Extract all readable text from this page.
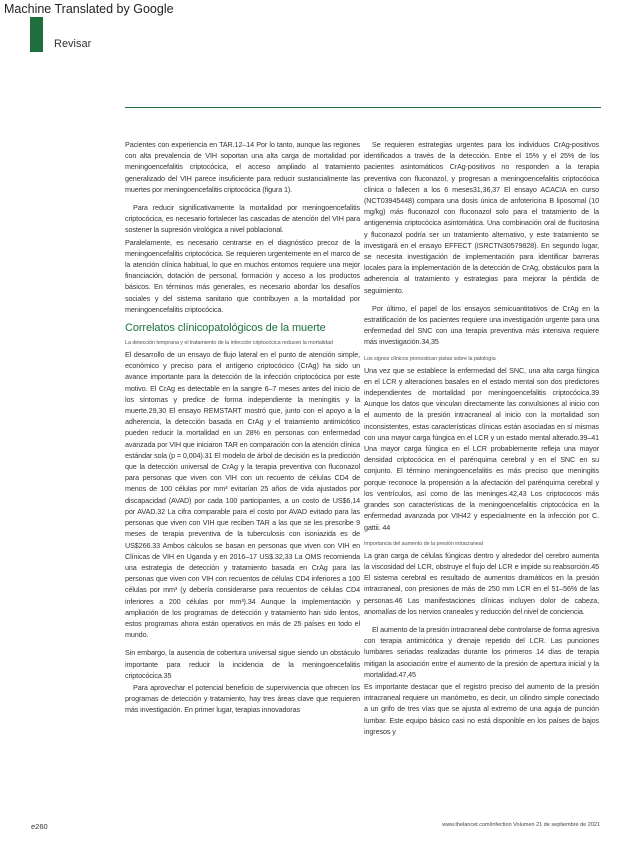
Machine Translated by Google
Revisar

Pacientes con experiencia en TAR.12–14 Por lo tanto, aunque las regiones con alta prevalencia de VIH soportan una alta carga de mortalidad por meningoencefalitis criptocócica, el acceso ampliado al tratamiento generalizado del VIH parece insuficiente para reducir sustancialmente las muertes por meningoencefalitis criptocócica (figura 1).

Para reducir significativamente la mortalidad por meningoencefalitis criptocócica, es necesario fortalecer las cascadas de atención del VIH para sostener la supresión virológica a nivel poblacional.

Paralelamente, es necesario centrarse en el diagnóstico precoz de la meningoencefalitis criptocócica. Se requieren urgentemente en el marco de la atención clínica habitual, lo que en muchos entornos requiere una mejor financiación, dotación de personal, formación y acceso a los productos básicos. En términos más generales, es necesario abordar los desafíos sociales y del sistema sanitario que contribuyen a la mortalidad por meningoencefalitis criptocócica.

Correlatos clínicopatológicos de la muerte
La detección temprana y el tratamiento de la infección criptocócica reducen la mortalidad

El desarrollo de un ensayo de flujo lateral en el punto de atención simple, económico y preciso para el antígeno criptocócico (CrAg) ha sido un avance importante para la detección de la infección criptocócica por este motivo. El CrAg es detectable en la sangre 6–7 meses antes del inicio de los síntomas y predice de forma independiente la meningitis y la muerte.29,30 El ensayo REMSTART mostró que, junto con el apoyo a la adherencia, la detección basada en CrAg y el tratamiento antimicótico pueden reducir la mortalidad en un 28% en personas con enfermedad avanzada por VIH que iniciaron TAR en comparación con la atención clínica estándar sola (p = 0,004).31 El modelo de árbol de decisión es la predicción que la detección universal de CrAg y la terapia preventiva con fluconazol para personas que viven con VIH con un recuento de células CD4 de menos de 100 células por mm³ evitarían 25 años de vida ajustados por discapacidad (AVAD) por cada 100 participantes, a un costo de US$6,14 por AVAD.32 La cifra comparable para el costo por AVAD evitado para las personas que viven con VIH que reciben TAR a las que se les prescribe 9 meses de terapia preventiva de la tuberculosis con isoniazida es de US$266.33 Ambos cálculos se basan en personas que viven con VIH en Clínicas de VIH en Uganda y en 2016–17 US$.32,33 La OMS recomienda una estrategia de detección y tratamiento basada en CrAg para las personas que viven con VIH con recuentos de células CD4 inferiores a 100 células por mm³ (y debería considerarse para recuentos de células CD4 inferiores a 200 células por mm³).34 Aunque la implementación y ampliación de los programas de detección y tratamiento han sido lentos, estos programas ahora están operativos en más de 25 países en todo el mundo.

Sin embargo, la ausencia de cobertura universal sigue siendo un obstáculo importante para reducir la incidencia de la meningoencefalitis criptocócica.35

Para aprovechar el potencial beneficio de supervivencia que ofrecen los programas de detección y tratamiento, hay tres áreas clave que requieren más investigación. En primer lugar, terapias innovadoras

Se requieren estrategias urgentes para los individuos CrAg-positivos identificados a través de la detección. Entre el 15% y el 25% de los pacientes asintomáticos CrAg-positivos no responden a la terapia preventiva con fluconazol, y progresan a meningoencefalitis criptocócica clínica o fallecen a los 6 meses31,36,37 El ensayo ACACIA en curso (NCT03945448) compara una dosis única de anfotericina B liposomal (10 mg/kg) más fluconazol con fluconazol solo para el tratamiento de la antigenemia criptocócica asintomática. Una combinación oral de flucitosina y fluconazol podría ser un tratamiento alternativo, y este tratamiento se investigará en el ensayo EFFECT (ISRCTN30579828). En segundo lugar, se necesita investigación de implementación para identificar barreras locales para la implementación de la detección de CrAg, obstáculos para la adherencia al tratamiento y estrategias para mejorar la pérdida de seguimiento.

Por último, el papel de los ensayos semicuantitativos de CrAg en la estratificación de los pacientes requiere una investigación urgente para una enfermedad del SNC con una terapia preventiva más intensiva requiere más investigación.34,35

Los signos clínicos pronostican pistas sobre la patología

Una vez que se establece la enfermedad del SNC, una alta carga fúngica en el LCR y alteraciones basales en el estado mental son dos predictores independientes de mortalidad por meningoencefalitis criptocócica.39 Aunque los datos que vinculan directamente las convulsiones al inicio con el aumento de la presión intracraneal al inicio con la mortalidad son inconsistentes, estas características clínicas están asociadas en sí mismas con una mayor carga fúngica en el LCR y un estado mental alterado.39–41 Una mayor carga fúngica en el LCR probablemente refleja una mayor densidad criptocócica en el parénquima cerebral y en el SNC en su conjunto. El término meningoencefalitis es más preciso que meningitis porque reconoce la propensión a la afectación del parénquima cerebral y los ventrículos, así como de las meninges.42,43 Los criptococos más grandes son características de la meningoencefalitis criptocócica en la enfermedad avanzada por VIH42 y especialmente en la infección por C. gattii. 44

Importancia del aumento de la presión intracraneal

La gran carga de células fúngicas dentro y alrededor del cerebro aumenta la viscosidad del LCR, obstruye el flujo del LCR e impide su reabsorción.45 El sistema cerebral es resultado de aumentos dramáticos en la presión intracraneal, con presiones de más de 250 mm LCR en el 51–56% de las personas.46 Las manifestaciones clínicas incluyen dolor de cabeza, anomalías de los nervios craneales y reducción del nivel de conciencia.

El aumento de la presión intracraneal debe controlarse de forma agresiva con terapia antimicótica y drenaje repetido del LCR. Las punciones lumbares seriadas realizadas durante los primeros 14 días de terapia mitigan la asociación entre el aumento de la presión de apertura inicial y la mortalidad.47,45

Es importante destacar que el registro preciso del aumento de la presión intracraneal requiere un manómetro, es decir, un cilindro simple conectado a un grifo de tres vías que se ajusta al extremo de una aguja de punción lumbar. Este equipo básico casi no está disponible en los países de bajos ingresos y

e260	www.thelancet.com/infection Volumen 21 de septiembre de 2021
